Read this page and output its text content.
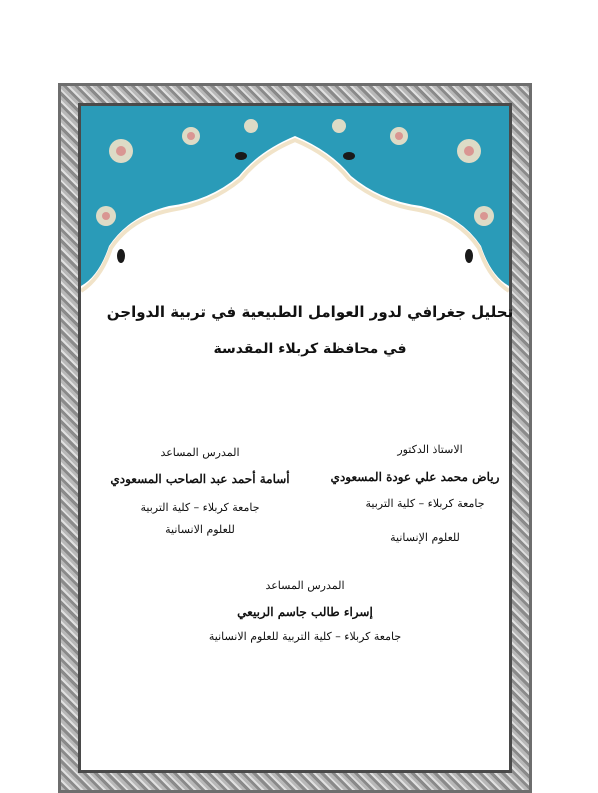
تحليل جغرافي لدور العوامل الطبيعية في تربية الدواجن
في محافظة كربلاء المقدسة
الاستاذ الدكتور
رياض محمد علي عودة المسعودي
جامعة كربلاء – كلية التربية
للعلوم الإنسانية
المدرس المساعد
أسامة أحمد عبد الصاحب المسعودي
جامعة كربلاء – كلية التربية
للعلوم الانسانية
المدرس المساعد
إسراء طالب جاسم الربيعي
جامعة كربلاء – كلية التربية للعلوم الانسانية
